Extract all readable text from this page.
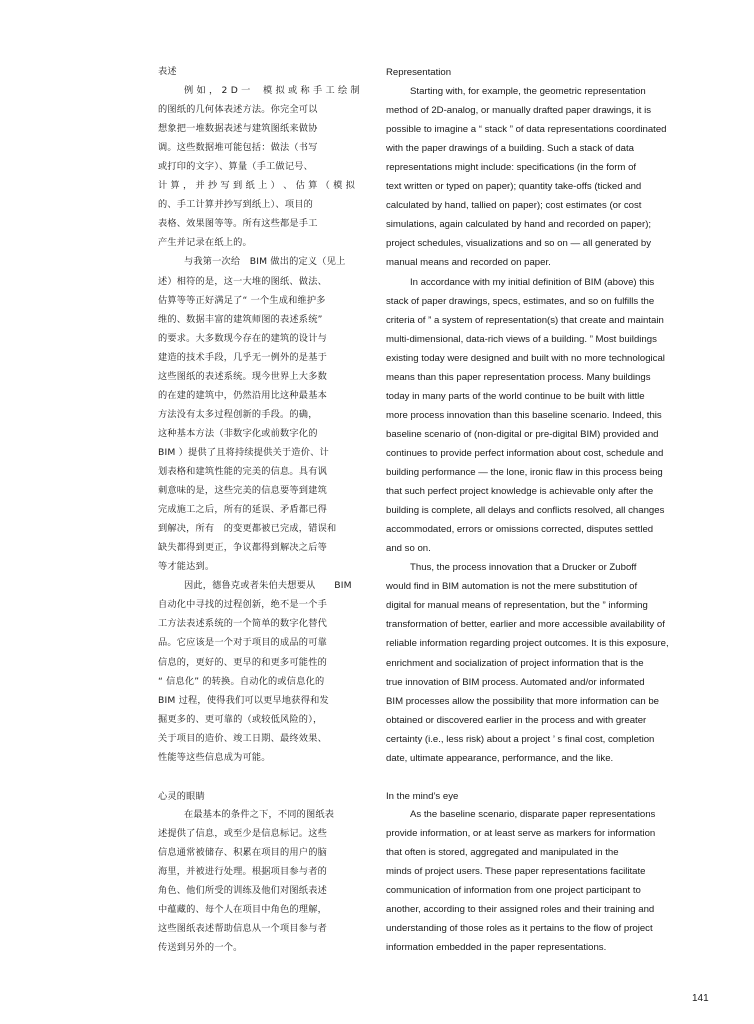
表述
例 如 ， 2 D 一　 模 拟 或 称 手 工 绘 制
的图纸的几何体表述方法。你完全可以
想象把一堆数据表述与建筑图纸来做协
调。这些数据堆可能包括：做法（书写
或打印的文字）、算量（手工做记号、
计 算 ， 并 抄 写 到 纸 上 ） 、 估 算 （ 模 拟
的、手工计算并抄写到纸上）、项目的
表格、效果图等等。所有这些都是手工
产生并记录在纸上的。
与我第一次给　BIM 做出的定义（见上
述）相符的是，这一大堆的图纸、做法、
估算等等正好满足了“ 一个生成和维护多
维的、数据丰富的建筑师图的表述系统”
的要求。大多数现今存在的建筑的设计与
建造的技术手段，几乎无一例外的是基于
这些图纸的表述系统。现今世界上大多数
的在建的建筑中，仍然沿用比这种最基本
方法没有太多过程创新的手段。的确，
这种基本方法（非数字化或前数字化的
BIM ）提供了且将持续提供关于造价、计
划表格和建筑性能的完美的信息。具有讽
刺意味的是，这些完美的信息要等到建筑
完成施工之后，所有的延误、矛盾都已得
到解决，所有　的变更都被已完成，错误和
缺失都得到更正，争议都得到解决之后等
等才能达到。
因此，德鲁克或者朱伯夫想要从　　BIM
自动化中寻找的过程创新，绝不是一个手
工方法表述系统的一个简单的数字化替代
品。它应该是一个对于项目的成品的可靠
信息的，更好的、更早的和更多可能性的
“ 信息化” 的转换。自动化的或信息化的
BIM 过程，使得我们可以更早地获得和发
掘更多的、更可靠的（或较低风险的），
关于项目的造价、竣工日期、最终效果、
性能等这些信息成为可能。
心灵的眼睛
在最基本的条件之下，不同的图纸表
述提供了信息，或至少是信息标记。这些
信息通常被储存、积累在项目的用户的脑
海里，并被进行处理。根据项目参与者的
角色、他们所受的训练及他们对图纸表述
中蕴藏的、每个人在项目中角色的理解，
这些图纸表述帮助信息从一个项目参与者
传送到另外的一个。
Representation
Starting with, for example, the geometric representation
method of 2D-analog, or manually drafted paper drawings, it is
possible to imagine a “ stack ” of data representations coordinated
with the paper drawings of a building. Such a stack of data
representations might include: specifications (in the form of
text written or typed on paper); quantity take-offs (ticked and
calculated by hand, tallied on paper); cost estimates (or cost
simulations, again calculated by hand and recorded on paper);
project schedules, visualizations and so on — all generated by
manual means and recorded on paper.
In accordance with my initial definition of BIM (above) this
stack of paper drawings, specs, estimates, and so on fulfills the
criteria of ” a system of representation(s) that create and maintain
multi-dimensional, data-rich views of a building. ” Most buildings
existing today were designed and built with no more technological
means than this paper representation process. Many buildings
today in many parts of the world continue to be built with little
more process innovation than this baseline scenario. Indeed, this
baseline scenario of (non-digital or pre-digital BIM) provided and
continues to provide perfect information about cost, schedule and
building performance — the lone, ironic flaw in this process being
that such perfect project knowledge is achievable only after the
building is complete, all delays and conflicts resolved, all changes
accommodated, errors or omissions corrected, disputes settled
and so on.
Thus, the process innovation that a Drucker or Zuboff
would find in BIM automation is not the mere substitution of
digital for manual means of representation, but the ” informing
transformation of better, earlier and more accessible availability of
reliable information regarding project outcomes. It is this exposure,
enrichment and socialization of project information that is the
true innovation of BIM process. Automated and/or informated
BIM processes allow the possibility that more information can be
obtained or discovered earlier in the process and with greater
certainty (i.e., less risk) about a project ’ s final cost, completion
date, ultimate appearance, performance, and the like.
In the mind’s eye
As the baseline scenario, disparate paper representations
provide information, or at least serve as markers for information
that often is stored, aggregated and manipulated in the
minds of project users. These paper representations facilitate
communication of information from one project participant to
another, according to their assigned roles and their training and
understanding of those roles as it pertains to the flow of project
information embedded in the paper representations.
141
